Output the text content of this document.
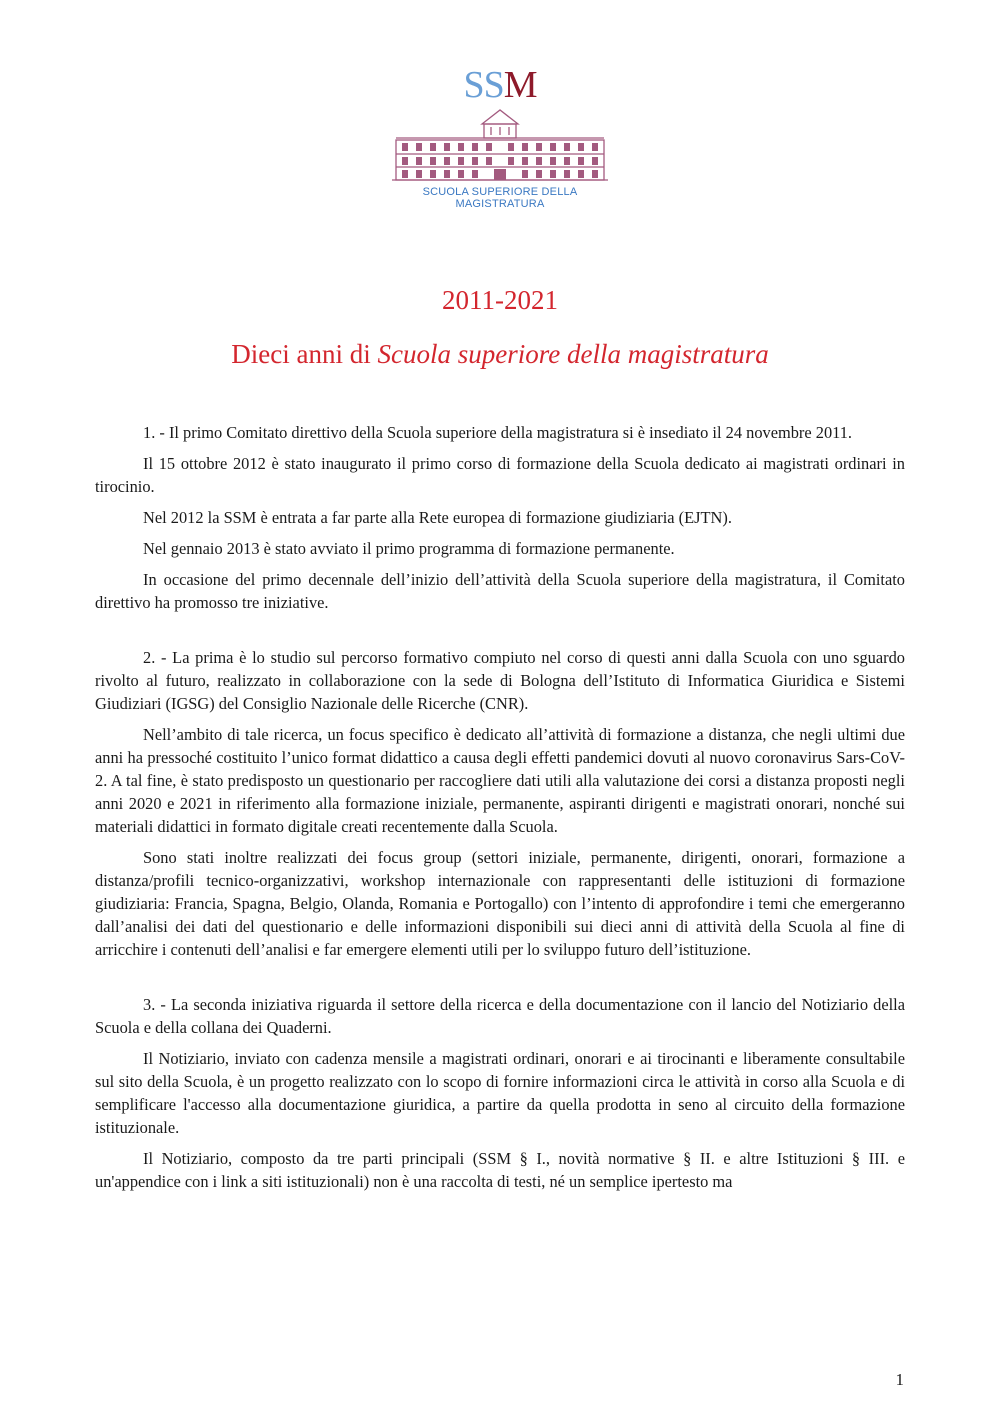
SSM
SCUOLA SUPERIORE DELLA MAGISTRATURA
2011-2021
Dieci anni di Scuola superiore della magistratura

1. - Il primo Comitato direttivo della Scuola superiore della magistratura si è insediato il 24 novembre 2011.

Il 15 ottobre 2012 è stato inaugurato il primo corso di formazione della Scuola dedicato ai magistrati ordinari in tirocinio.

Nel 2012 la SSM è entrata a far parte alla Rete europea di formazione giudiziaria (EJTN).

Nel gennaio 2013 è stato avviato il primo programma di formazione permanente.

In occasione del primo decennale dell’inizio dell’attività della Scuola superiore della magistratura, il Comitato direttivo ha promosso tre iniziative.

2. - La prima è lo studio sul percorso formativo compiuto nel corso di questi anni dalla Scuola con uno sguardo rivolto al futuro, realizzato in collaborazione con la sede di Bologna dell’Istituto di Informatica Giuridica e Sistemi Giudiziari (IGSG) del Consiglio Nazionale delle Ricerche (CNR).

Nell’ambito di tale ricerca, un focus specifico è dedicato all’attività di formazione a distanza, che negli ultimi due anni ha pressoché costituito l’unico format didattico a causa degli effetti pandemici dovuti al nuovo coronavirus Sars-CoV-2. A tal fine, è stato predisposto un questionario per raccogliere dati utili alla valutazione dei corsi a distanza proposti negli anni 2020 e 2021 in riferimento alla formazione iniziale, permanente, aspiranti dirigenti e magistrati onorari, nonché sui materiali didattici in formato digitale creati recentemente dalla Scuola.

Sono stati inoltre realizzati dei focus group (settori iniziale, permanente, dirigenti, onorari, formazione a distanza/profili tecnico-organizzativi, workshop internazionale con rappresentanti delle istituzioni di formazione giudiziaria: Francia, Spagna, Belgio, Olanda, Romania e Portogallo) con l’intento di approfondire i temi che emergeranno dall’analisi dei dati del questionario e delle informazioni disponibili sui dieci anni di attività della Scuola al fine di arricchire i contenuti dell’analisi e far emergere elementi utili per lo sviluppo futuro dell’istituzione.

3. - La seconda iniziativa riguarda il settore della ricerca e della documentazione con il lancio del Notiziario della Scuola e della collana dei Quaderni.

Il Notiziario, inviato con cadenza mensile a magistrati ordinari, onorari e ai tirocinanti e liberamente consultabile sul sito della Scuola, è un progetto realizzato con lo scopo di fornire informazioni circa le attività in corso alla Scuola e di semplificare l'accesso alla documentazione giuridica, a partire da quella prodotta in seno al circuito della formazione istituzionale.

Il Notiziario, composto da tre parti principali (SSM § I., novità normative § II. e altre Istituzioni § III. e un'appendice con i link a siti istituzionali) non è una raccolta di testi, né un semplice ipertesto ma

1
